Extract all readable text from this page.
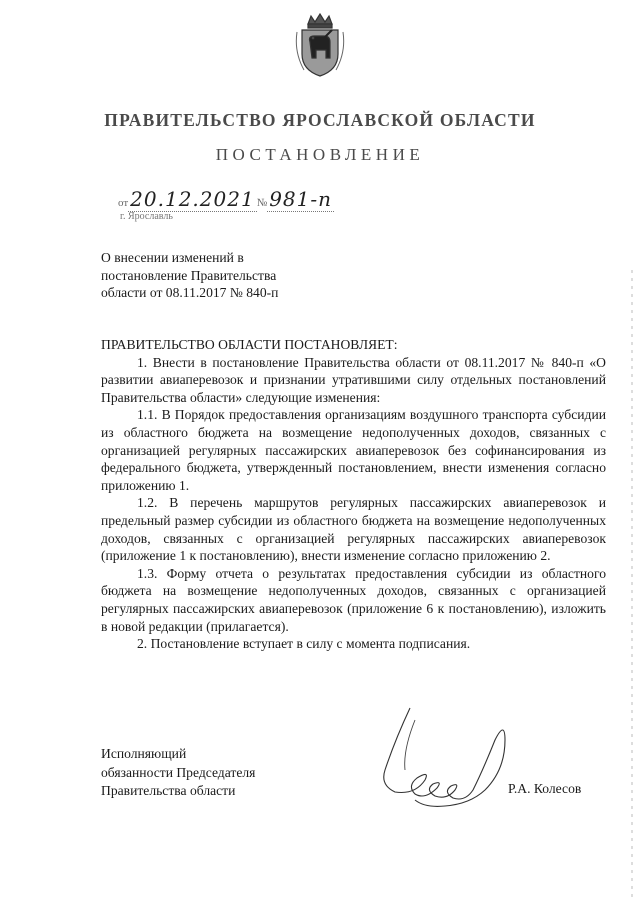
ПРАВИТЕЛЬСТВО ЯРОСЛАВСКОЙ ОБЛАСТИ
ПОСТАНОВЛЕНИЕ
от 20.12.2021 № 981-п
г. Ярославль
О внесении изменений в
постановление Правительства
области от 08.11.2017 № 840-п

ПРАВИТЕЛЬСТВО ОБЛАСТИ ПОСТАНОВЛЯЕТ:

1. Внести в постановление Правительства области от 08.11.2017 № 840-п «О развитии авиаперевозок и признании утратившими силу отдельных постановлений Правительства области» следующие изменения:

1.1. В Порядок предоставления организациям воздушного транспорта субсидии из областного бюджета на возмещение недополученных доходов, связанных с организацией регулярных пассажирских авиаперевозок без софинансирования из федерального бюджета, утвержденный постановлением, внести изменения согласно приложению 1.

1.2. В перечень маршрутов регулярных пассажирских авиаперевозок и предельный размер субсидии из областного бюджета на возмещение недополученных доходов, связанных с организацией регулярных пассажирских авиаперевозок (приложение 1 к постановлению), внести изменение согласно приложению 2.

1.3. Форму отчета о результатах предоставления субсидии из областного бюджета на возмещение недополученных доходов, связанных с организацией регулярных пассажирских авиаперевозок (приложение 6 к постановлению), изложить в новой редакции (прилагается).

2. Постановление вступает в силу с момента подписания.

Исполняющий
обязанности Председателя
Правительства области	Р.А. Колесов
